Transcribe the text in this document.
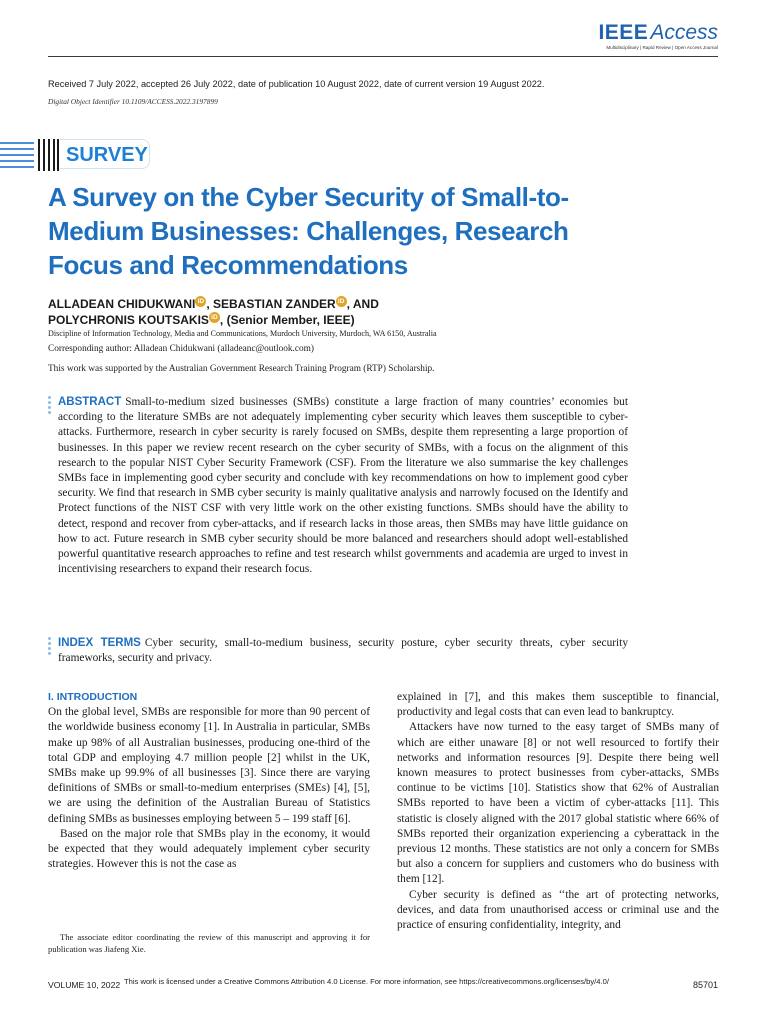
IEEEAccess
Multidisciplinary | Rapid Review | Open Access Journal
Received 7 July 2022, accepted 26 July 2022, date of publication 10 August 2022, date of current version 19 August 2022.
Digital Object Identifier 10.1109/ACCESS.2022.3197899
SURVEY
A Survey on the Cyber Security of Small-to-Medium Businesses: Challenges, Research Focus and Recommendations
ALLADEAN CHIDUKWANI iD , SEBASTIAN ZANDER iD , AND
POLYCHRONIS KOUTSAKIS iD , (Senior Member, IEEE)
Discipline of Information Technology, Media and Communications, Murdoch University, Murdoch, WA 6150, Australia
Corresponding author: Alladean Chidukwani (alladeanc@outlook.com)
This work was supported by the Australian Government Research Training Program (RTP) Scholarship.
ABSTRACT Small-to-medium sized businesses (SMBs) constitute a large fraction of many countries’ economies but according to the literature SMBs are not adequately implementing cyber security which leaves them susceptible to cyber-attacks. Furthermore, research in cyber security is rarely focused on SMBs, despite them representing a large proportion of businesses. In this paper we review recent research on the cyber security of SMBs, with a focus on the alignment of this research to the popular NIST Cyber Security Framework (CSF). From the literature we also summarise the key challenges SMBs face in implementing good cyber security and conclude with key recommendations on how to implement good cyber security. We find that research in SMB cyber security is mainly qualitative analysis and narrowly focused on the Identify and Protect functions of the NIST CSF with very little work on the other existing functions. SMBs should have the ability to detect, respond and recover from cyber-attacks, and if research lacks in those areas, then SMBs may have little guidance on how to act. Future research in SMB cyber security should be more balanced and researchers should adopt well-established powerful quantitative research approaches to refine and test research whilst governments and academia are urged to invest in incentivising researchers to expand their research focus.
INDEX TERMS Cyber security, small-to-medium business, security posture, cyber security threats, cyber security frameworks, security and privacy.
I. INTRODUCTION

On the global level, SMBs are responsible for more than 90 percent of the worldwide business economy [1]. In Australia in particular, SMBs make up 98% of all Australian businesses, producing one-third of the total GDP and employing 4.7 million people [2] whilst in the UK, SMBs make up 99.9% of all businesses [3]. Since there are varying definitions of SMBs or small-to-medium enterprises (SMEs) [4], [5], we are using the definition of the Australian Bureau of Statistics defining SMBs as businesses employing between 5 – 199 staff [6].

Based on the major role that SMBs play in the economy, it would be expected that they would adequately implement cyber security strategies. However this is not the case as

explained in [7], and this makes them susceptible to financial, productivity and legal costs that can even lead to bankruptcy.

Attackers have now turned to the easy target of SMBs many of which are either unaware [8] or not well resourced to fortify their networks and information resources [9]. Despite there being well known measures to protect businesses from cyber-attacks, SMBs continue to be victims [10]. Statistics show that 62% of Australian SMBs reported to have been a victim of cyber-attacks [11]. This statistic is closely aligned with the 2017 global statistic where 66% of SMBs reported their organization experiencing a cyberattack in the previous 12 months. These statistics are not only a concern for SMBs but also a concern for suppliers and customers who do business with them [12].

Cyber security is defined as ‘‘the art of protecting networks, devices, and data from unauthorised access or criminal use and the practice of ensuring confidentiality, integrity, and

The associate editor coordinating the review of this manuscript and approving it for publication was Jiafeng Xie.

VOLUME 10, 2022 This work is licensed under a Creative Commons Attribution 4.0 License. For more information, see https://creativecommons.org/licenses/by/4.0/	85701
